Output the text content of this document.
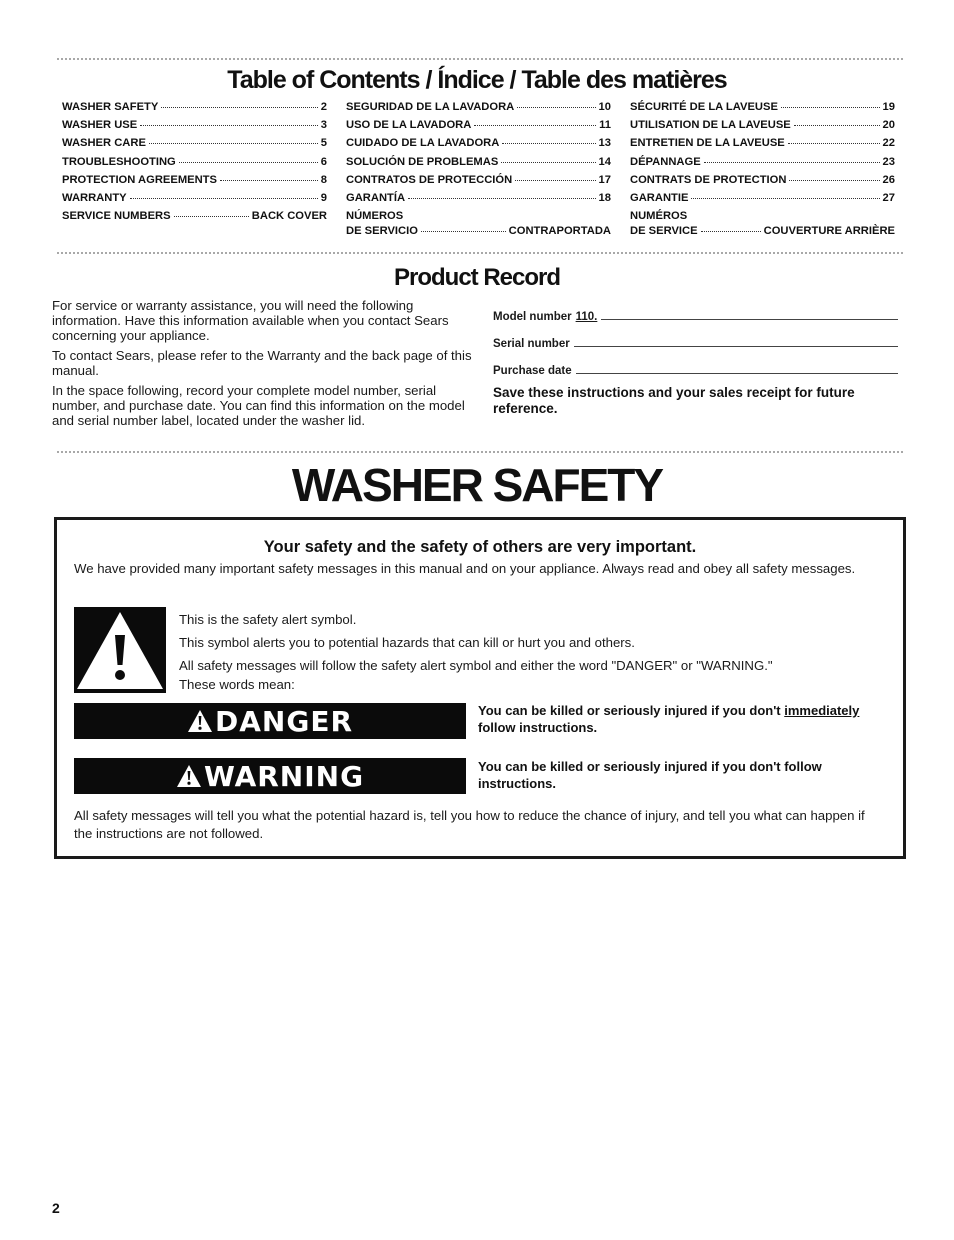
Table of Contents / Índice / Table des matières
WASHER SAFETY	2
WASHER USE	3
WASHER CARE	5
TROUBLESHOOTING	6
PROTECTION AGREEMENTS	8
WARRANTY	9
SERVICE NUMBERS	BACK COVER
SEGURIDAD DE LA LAVADORA	10
USO DE LA LAVADORA	11
CUIDADO DE LA LAVADORA	13
SOLUCIÓN DE PROBLEMAS	14
CONTRATOS DE PROTECCIÓN	17
GARANTÍA	18
NÚMEROS
DE SERVICIO	CONTRAPORTADA
SÉCURITÉ DE LA LAVEUSE	19
UTILISATION DE LA LAVEUSE	20
ENTRETIEN DE LA LAVEUSE	22
DÉPANNAGE	23
CONTRATS DE PROTECTION	26
GARANTIE	27
NUMÉROS
DE SERVICE	COUVERTURE ARRIÈRE
Product Record

For service or warranty assistance, you will need the following information. Have this information available when you contact Sears concerning your appliance.

To contact Sears, please refer to the Warranty and the back page of this manual.

In the space following, record your complete model number, serial number, and purchase date. You can find this information on the model and serial number label, located under the washer lid.

Model number 110.
Serial number
Purchase date
Save these instructions and your sales receipt for future reference.
WASHER SAFETY
Your safety and the safety of others are very important.
We have provided many important safety messages in this manual and on your appliance. Always read and obey all safety messages.
This is the safety alert symbol.
This symbol alerts you to potential hazards that can kill or hurt you and others.
All safety messages will follow the safety alert symbol and either the word "DANGER" or "WARNING."
These words mean:
DANGER	You can be killed or seriously injured if you don't immediately follow instructions.
WARNING	You can be killed or seriously injured if you don't follow instructions.
All safety messages will tell you what the potential hazard is, tell you how to reduce the chance of injury, and tell you what can happen if the instructions are not followed.
2
